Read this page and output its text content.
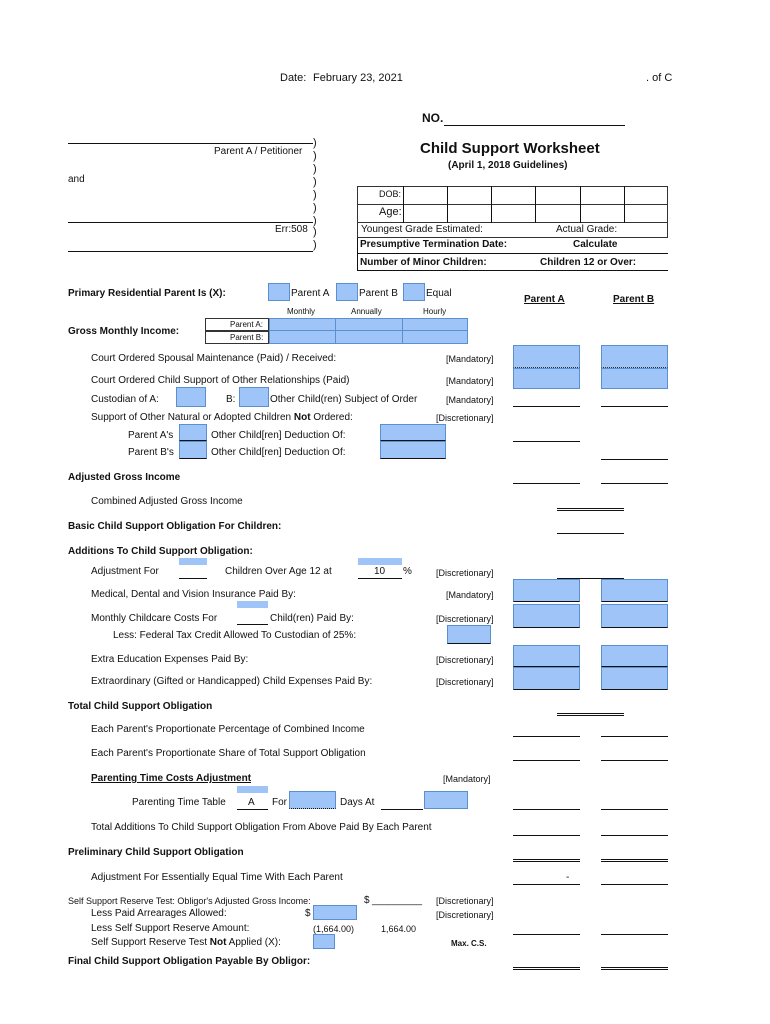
Date: February 23, 2021	. of C
NO.
Child Support Worksheet
(April 1, 2018 Guidelines)
Parent A / Petitioner
and
Err:508
)
)
)
)
)
)
)
)
)
DOB:
Age:
Youngest Grade Estimated:	Actual Grade:
Presumptive Termination Date:	Calculate
Number of Minor Children:	Children 12 or Over:
Primary Residential Parent Is (X):	Parent A	Parent B	Equal
Parent A	Parent B
Monthly	Annually	Hourly
Gross Monthly Income:
Parent A:
Parent B:
Court Ordered Spousal Maintenance (Paid) / Received:	[Mandatory]
Court Ordered Child Support of Other Relationships (Paid)	[Mandatory]
Custodian of A:	B:	Other Child(ren) Subject of Order	[Mandatory]
Support of Other Natural or Adopted Children Not Ordered:	[Discretionary]
Parent A's	Other Child[ren] Deduction Of:
Parent B's	Other Child[ren] Deduction Of:
Adjusted Gross Income
Combined Adjusted Gross Income
Basic Child Support Obligation For Children:
Additions To Child Support Obligation:
Adjustment For	Children Over Age 12 at	10 %	[Discretionary]
Medical, Dental and Vision Insurance Paid By:	[Mandatory]
Monthly Childcare Costs For	Child(ren) Paid By:	[Discretionary]
Less: Federal Tax Credit Allowed To Custodian of 25%:
Extra Education Expenses Paid By:	[Discretionary]
Extraordinary (Gifted or Handicapped) Child Expenses Paid By:	[Discretionary]
Total Child Support Obligation
Each Parent's Proportionate Percentage of Combined Income
Each Parent's Proportionate Share of Total Support Obligation
Parenting Time Costs Adjustment	[Mandatory]
Parenting Time Table A For	Days At
Total Additions To Child Support Obligation From Above Paid By Each Parent
Preliminary Child Support Obligation
Adjustment For Essentially Equal Time With Each Parent	-
Self Support Reserve Test: Obligor's Adjusted Gross Income:	$ _________ [Discretionary]
Less Paid Arrearages Allowed:	$	[Discretionary]
Less Self Support Reserve Amount:	(1,664.00)	1,664.00
Self Support Reserve Test Not Applied (X):	Max. C.S.
Final Child Support Obligation Payable By Obligor:
